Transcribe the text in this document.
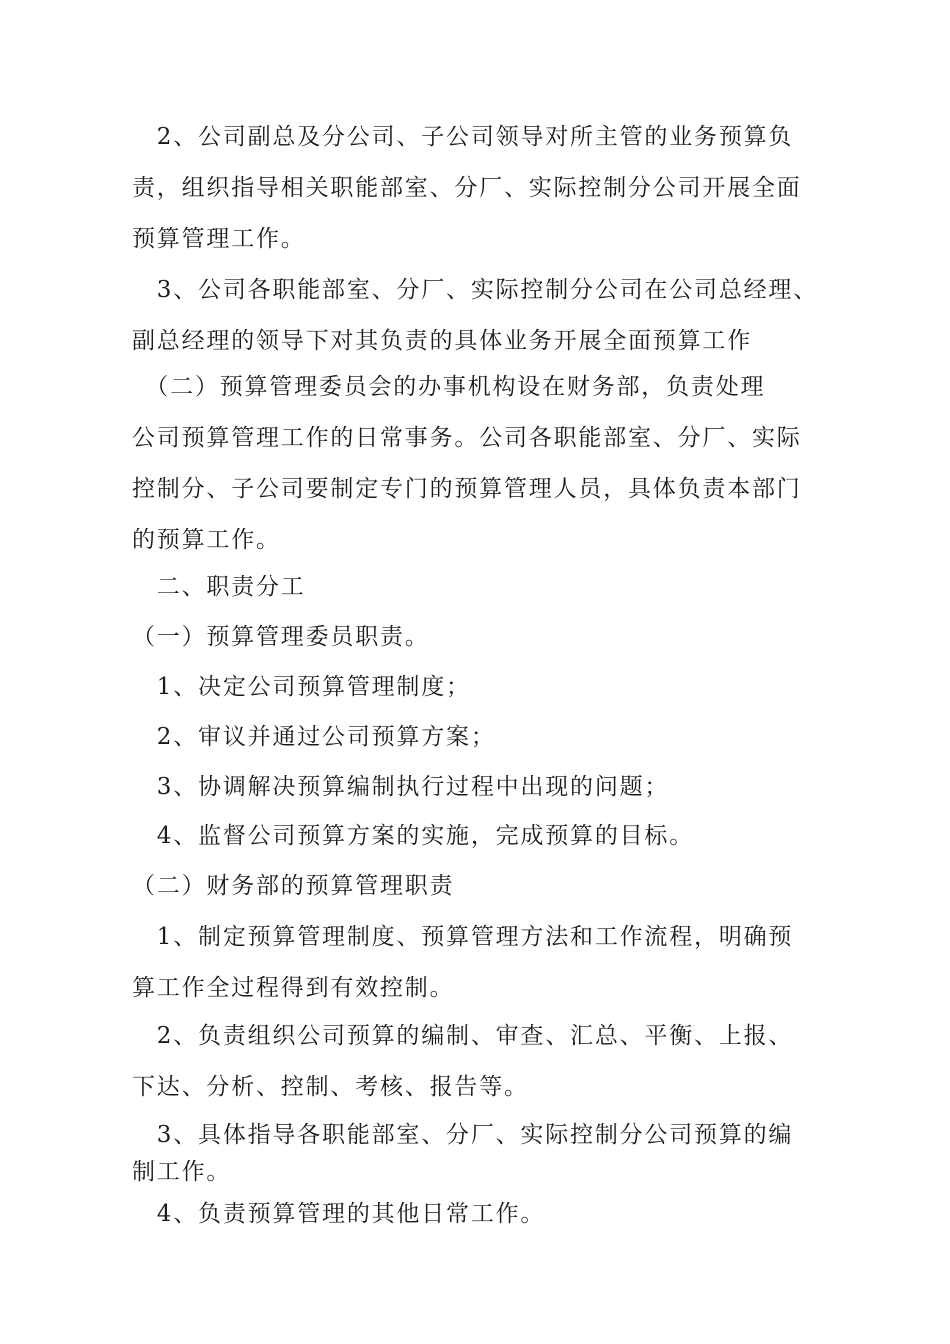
　2、公司副总及分公司、子公司领导对所主管的业务预算负
责，组织指导相关职能部室、分厂、实际控制分公司开展全面
预算管理工作。

　3、公司各职能部室、分厂、实际控制分公司在公司总经理、
副总经理的领导下对其负责的具体业务开展全面预算工作

　（二）预算管理委员会的办事机构设在财务部，负责处理
公司预算管理工作的日常事务。公司各职能部室、分厂、实际
控制分、子公司要制定专门的预算管理人员，具体负责本部门
的预算工作。

　二、职责分工

（一）预算管理委员职责。

　1、决定公司预算管理制度；

　2、审议并通过公司预算方案；

　3、协调解决预算编制执行过程中出现的问题；

　4、监督公司预算方案的实施，完成预算的目标。

（二）财务部的预算管理职责

　1、制定预算管理制度、预算管理方法和工作流程，明确预
算工作全过程得到有效控制。

　2、负责组织公司预算的编制、审查、汇总、平衡、上报、
下达、分析、控制、考核、报告等。

　3、具体指导各职能部室、分厂、实际控制分公司预算的编
制工作。

　4、负责预算管理的其他日常工作。
